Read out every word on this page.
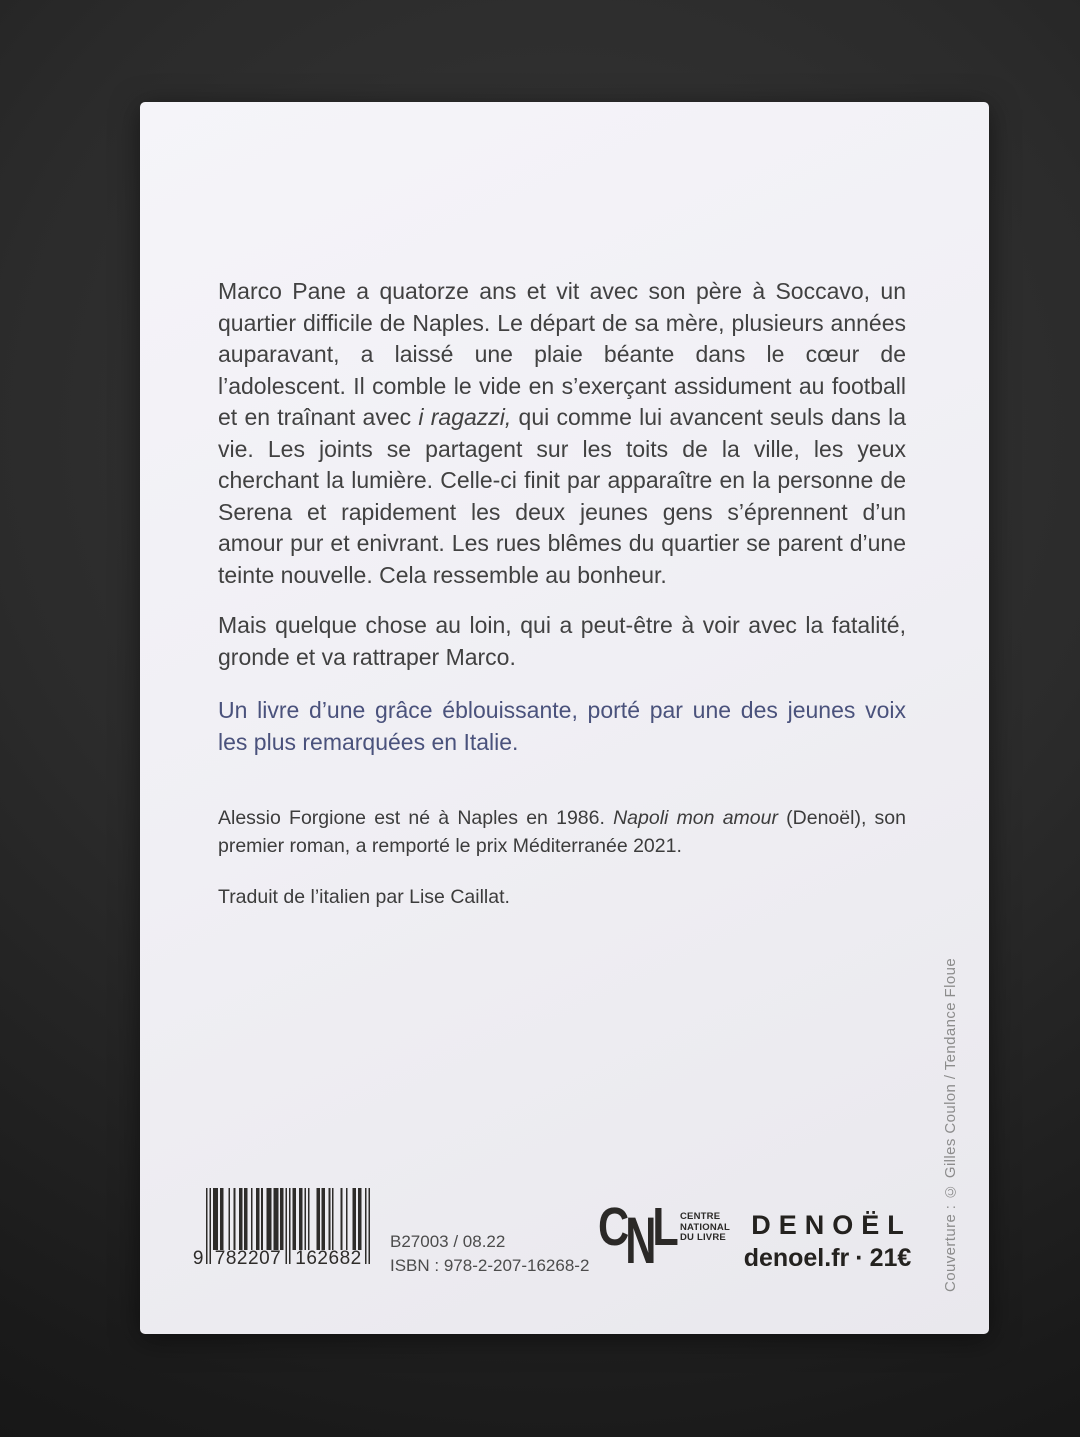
Marco Pane a quatorze ans et vit avec son père à Soccavo, un quartier difficile de Naples. Le départ de sa mère, plusieurs années auparavant, a laissé une plaie béante dans le cœur de l’adolescent. Il comble le vide en s’exerçant assidument au football et en traînant avec i ragazzi, qui comme lui avancent seuls dans la vie. Les joints se partagent sur les toits de la ville, les yeux cherchant la lumière. Celle-ci finit par apparaître en la personne de Serena et rapidement les deux jeunes gens s’éprennent d’un amour pur et enivrant. Les rues blêmes du quartier se parent d’une teinte nouvelle. Cela ressemble au bonheur.

Mais quelque chose au loin, qui a peut-être à voir avec la fatalité, gronde et va rattraper Marco.

Un livre d’une grâce éblouissante, porté par une des jeunes voix les plus remarquées en Italie.

Alessio Forgione est né à Naples en 1986. Napoli mon amour (Denoël), son premier roman, a remporté le prix Méditerranée 2021.

Traduit de l’italien par Lise Caillat.

Couverture : © Gilles Coulon / Tendance Floue
9 782207 162682
B27003 / 08.22
ISBN : 978-2-207-16268-2
CNL CENTRE
NATIONAL
DU LIVRE DENOËL
denoel.fr · 21€
